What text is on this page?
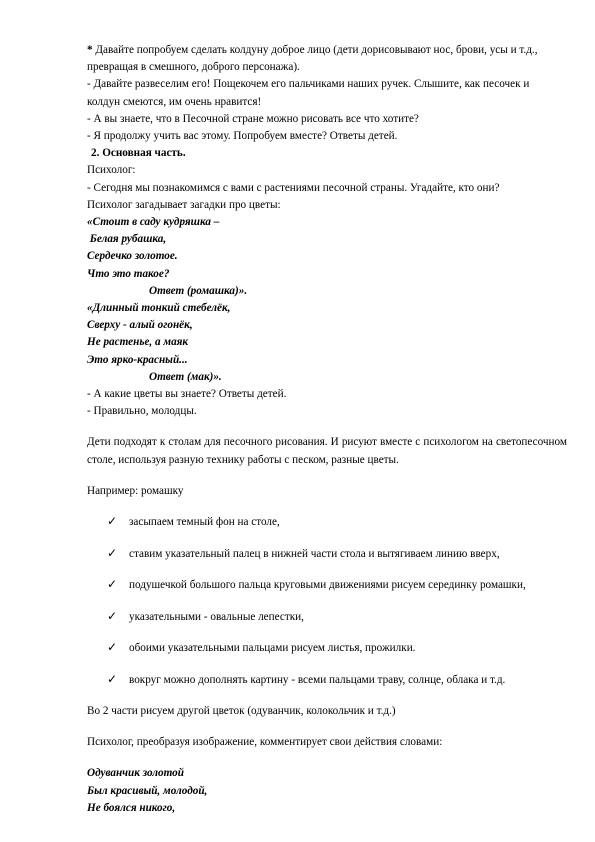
* Давайте попробуем сделать колдуну доброе лицо (дети дорисовывают нос, брови, усы и т.д.,

превращая в смешного, доброго персонажа).

- Давайте развеселим его! Пощекочем его пальчиками наших ручек. Слышите, как песочек и

колдун смеются, им очень нравится!

- А вы знаете, что в Песочной стране можно рисовать все что хотите?

- Я продолжу учить вас этому. Попробуем вместе? Ответы детей.

2. Основная часть.

Психолог:

- Сегодня мы познакомимся с вами с растениями песочной страны. Угадайте, кто они?

Психолог загадывает загадки про цветы:

«Стоит в саду кудряшка –

Белая рубашка,

Сердечко золотое.

Что это такое?

Ответ (ромашка)».

«Длинный тонкий стебелёк,

Сверху - алый огонёк,

Не растенье, а маяк

Это ярко-красный...

Ответ (мак)».

- А какие цветы вы знаете? Ответы детей.

- Правильно, молодцы.

Дети подходят к столам для песочного рисования. И рисуют вместе с психологом на светопесочном столе, используя разную технику работы с песком, разные цветы.

Например: ромашку

✓ засыпаем темный фон на столе,
✓ ставим указательный палец в нижней части стола и вытягиваем линию вверх,
✓ подушечкой большого пальца круговыми движениями рисуем серединку ромашки,
✓ указательными - овальные лепестки,
✓ обоими указательными пальцами рисуем листья, прожилки.
✓ вокруг можно дополнять картину - всеми пальцами траву, солнце, облака и т.д.

Во 2 части рисуем другой цветок (одуванчик, колокольчик и т.д.)

Психолог, преобразуя изображение, комментирует свои действия словами:

Одуванчик золотой

Был красивый, молодой,

Не боялся никого,
